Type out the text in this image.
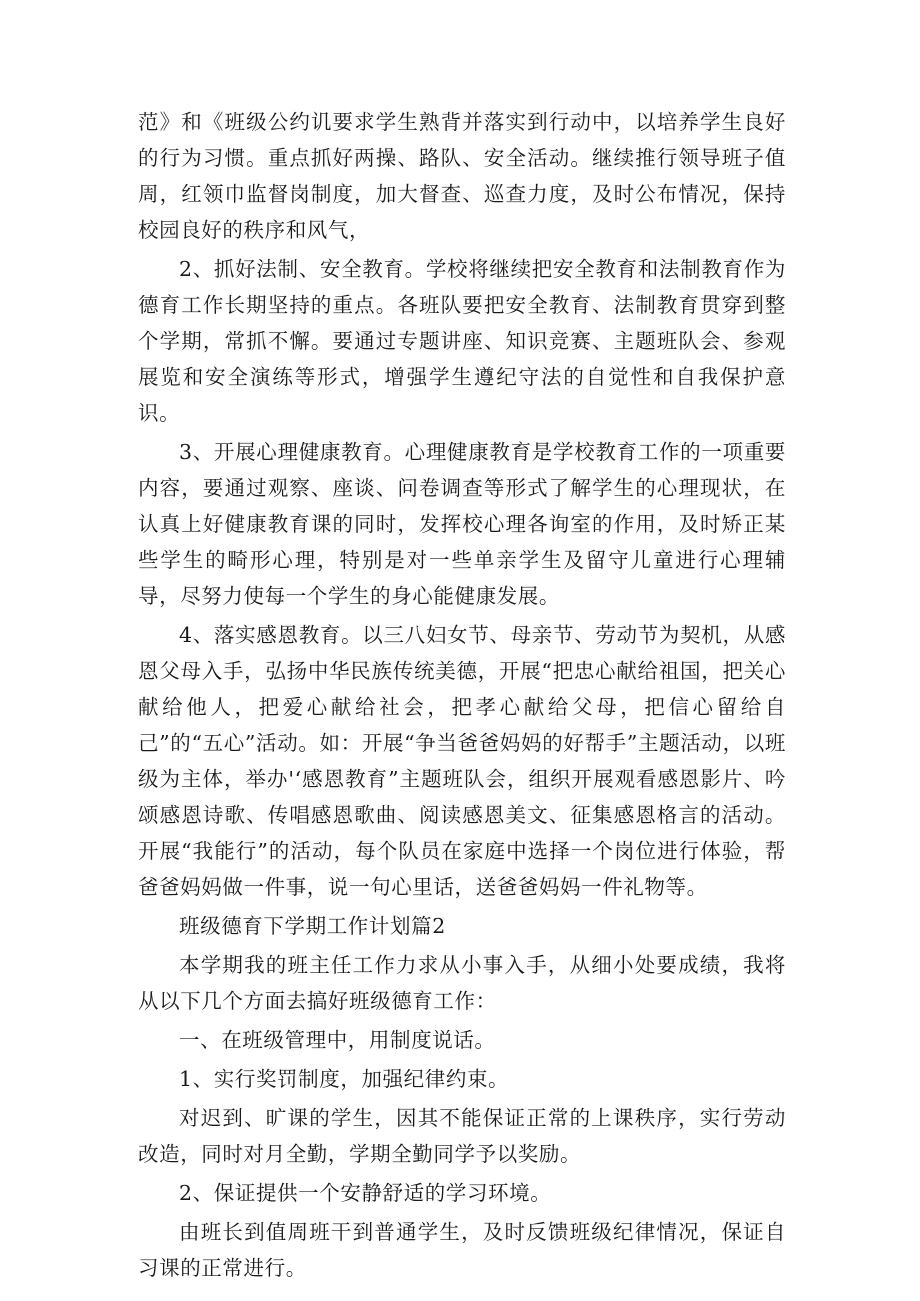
范》和《班级公约讥要求学生熟背并落实到行动中，以培养学生良好的行为习惯。重点抓好两操、路队、安全活动。继续推行领导班子值周，红领巾监督岗制度，加大督查、巡查力度，及时公布情况，保持校园良好的秩序和风气，

2、抓好法制、安全教育。学校将继续把安全教育和法制教育作为德育工作长期坚持的重点。各班队要把安全教育、法制教育贯穿到整个学期，常抓不懈。要通过专题讲座、知识竞赛、主题班队会、参观展览和安全演练等形式，增强学生遵纪守法的自觉性和自我保护意识。

3、开展心理健康教育。心理健康教育是学校教育工作的一项重要内容，要通过观察、座谈、问卷调查等形式了解学生的心理现状，在认真上好健康教育课的同时，发挥校心理各询室的作用，及时矫正某些学生的畸形心理，特别是对一些单亲学生及留守儿童进行心理辅导，尽努力使每一个学生的身心能健康发展。

4、落实感恩教育。以三八妇女节、母亲节、劳动节为契机，从感恩父母入手，弘扬中华民族传统美德，开展“把忠心献给祖国，把关心献给他人，把爱心献给社会，把孝心献给父母，把信心留给自己”的“五心”活动。如：开展“争当爸爸妈妈的好帮手”主题活动，以班级为主体，举办'‘感恩教育”主题班队会，组织开展观看感恩影片、吟颂感恩诗歌、传唱感恩歌曲、阅读感恩美文、征集感恩格言的活动。开展“我能行”的活动，每个队员在家庭中选择一个岗位进行体验，帮爸爸妈妈做一件事，说一句心里话，送爸爸妈妈一件礼物等。

班级德育下学期工作计划篇2

本学期我的班主任工作力求从小事入手，从细小处要成绩，我将从以下几个方面去搞好班级德育工作：

一、在班级管理中，用制度说话。

1、实行奖罚制度，加强纪律约束。

对迟到、旷课的学生，因其不能保证正常的上课秩序，实行劳动改造，同时对月全勤，学期全勤同学予以奖励。

2、保证提供一个安静舒适的学习环境。

由班长到值周班干到普通学生，及时反馈班级纪律情况，保证自习课的正常进行。
